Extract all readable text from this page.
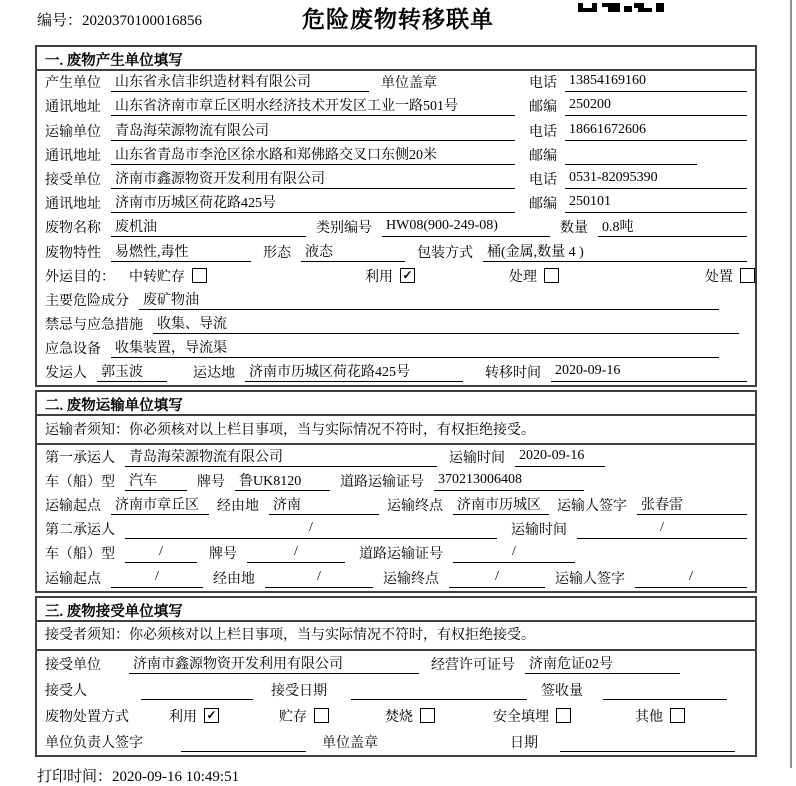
编号：2020370100016856	危险废物转移联单
一. 废物产生单位填写
产生单位 山东省永信非织造材料有限公司	单位盖章	电话 13854169160
通讯地址 山东省济南市章丘区明水经济技术开发区工业一路501号	邮编 250200
运输单位 青岛海荣源物流有限公司	电话 18661672606
通讯地址 山东省青岛市李沧区徐水路和郑佛路交叉口东侧20米	邮编
接受单位 济南市鑫源物资开发利用有限公司	电话 0531-82095390
通讯地址 济南市历城区荷花路425号	邮编 250101
废物名称 废机油	类别编号 HW08(900-249-08)	数量 0.8吨
废物特性 易燃性,毒性	形态 液态	包装方式 桶(金属,数量 4 )
外运目的： 中转贮存	利用 ✓	处理	处置
主要危险成分 废矿物油
禁忌与应急措施 收集、导流
应急设备 收集装置，导流渠
发运人 郭玉波	运达地 济南市历城区荷花路425号	转移时间 2020-09-16
二. 废物运输单位填写
运输者须知： 你必须核对以上栏目事项，当与实际情况不符时，有权拒绝接受。
第一承运人 青岛海荣源物流有限公司	运输时间 2020-09-16
车（船）型 汽车	牌号 鲁UK8120	道路运输证号 370213006408
运输起点 济南市章丘区	经由地 济南	运输终点 济南市历城区	运输人签字 张春雷
第二承运人	/	运输时间	/
车（船）型	/	牌号	/	道路运输证号	/
运输起点	/	经由地	/	运输终点	/	运输人签字	/
三. 废物接受单位填写
接受者须知： 你必须核对以上栏目事项，当与实际情况不符时，有权拒绝接受。
接受单位 济南市鑫源物资开发利用有限公司	经营许可证号 济南危证02号
接受人	接受日期	签收量
废物处置方式	利用 ✓	贮存	焚烧	安全填埋	其他
单位负责人签字	单位盖章	日期
打印时间：2020-09-16 10:49:51
